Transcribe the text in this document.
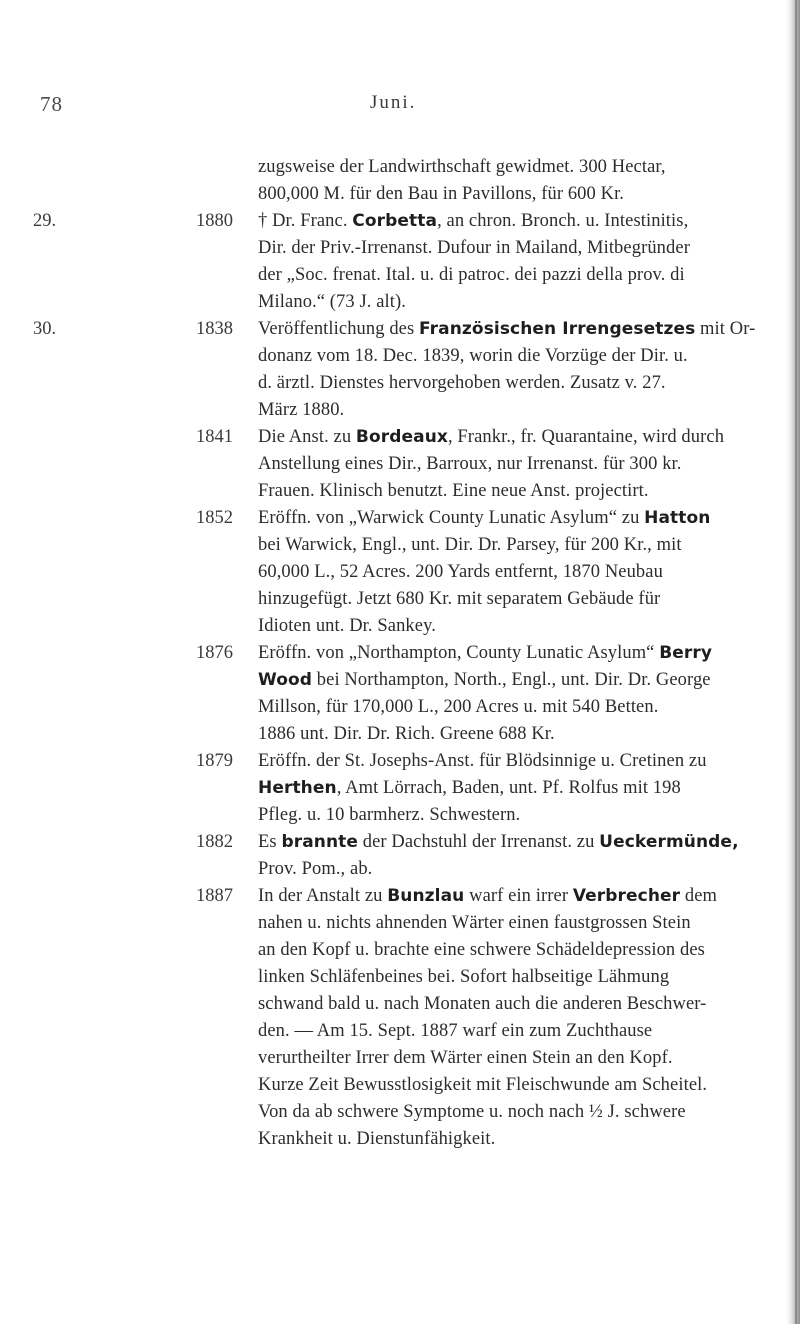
78	Juni.
zugsweise der Landwirthschaft gewidmet. 300 Hectar,
800,000 M. für den Bau in Pavillons, für 600 Kr.
29.	1880 † Dr. Franc. Corbetta, an chron. Bronch. u. Intestinitis,
Dir. der Priv.-Irrenanst. Dufour in Mailand, Mitbegründer
der „Soc. frenat. Ital. u. di patroc. dei pazzi della prov. di
Milano.“ (73 J. alt).
30.	1838 Veröffentlichung des Französischen Irrengesetzes mit Or-
donanz vom 18. Dec. 1839, worin die Vorzüge der Dir. u.
d. ärztl. Dienstes hervorgehoben werden. Zusatz v. 27.
März 1880.
1841 Die Anst. zu Bordeaux, Frankr., fr. Quarantaine, wird durch
Anstellung eines Dir., Barroux, nur Irrenanst. für 300 kr.
Frauen. Klinisch benutzt. Eine neue Anst. projectirt.
1852 Eröffn. von „Warwick County Lunatic Asylum“ zu Hatton
bei Warwick, Engl., unt. Dir. Dr. Parsey, für 200 Kr., mit
60,000 L., 52 Acres. 200 Yards entfernt, 1870 Neubau
hinzugefügt. Jetzt 680 Kr. mit separatem Gebäude für
Idioten unt. Dr. Sankey.
1876 Eröffn. von „Northampton, County Lunatic Asylum“ Berry
Wood bei Northampton, North., Engl., unt. Dir. Dr. George
Millson, für 170,000 L., 200 Acres u. mit 540 Betten.
1886 unt. Dir. Dr. Rich. Greene 688 Kr.
1879 Eröffn. der St. Josephs-Anst. für Blödsinnige u. Cretinen zu
Herthen, Amt Lörrach, Baden, unt. Pf. Rolfus mit 198
Pfleg. u. 10 barmherz. Schwestern.
1882 Es brannte der Dachstuhl der Irrenanst. zu Ueckermünde,
Prov. Pom., ab.
1887 In der Anstalt zu Bunzlau warf ein irrer Verbrecher dem
nahen u. nichts ahnenden Wärter einen faustgrossen Stein
an den Kopf u. brachte eine schwere Schädeldepression des
linken Schläfenbeines bei. Sofort halbseitige Lähmung
schwand bald u. nach Monaten auch die anderen Beschwer-
den. — Am 15. Sept. 1887 warf ein zum Zuchthause
verurtheilter Irrer dem Wärter einen Stein an den Kopf.
Kurze Zeit Bewusstlosigkeit mit Fleischwunde am Scheitel.
Von da ab schwere Symptome u. noch nach ½ J. schwere
Krankheit u. Dienstunfähigkeit.
